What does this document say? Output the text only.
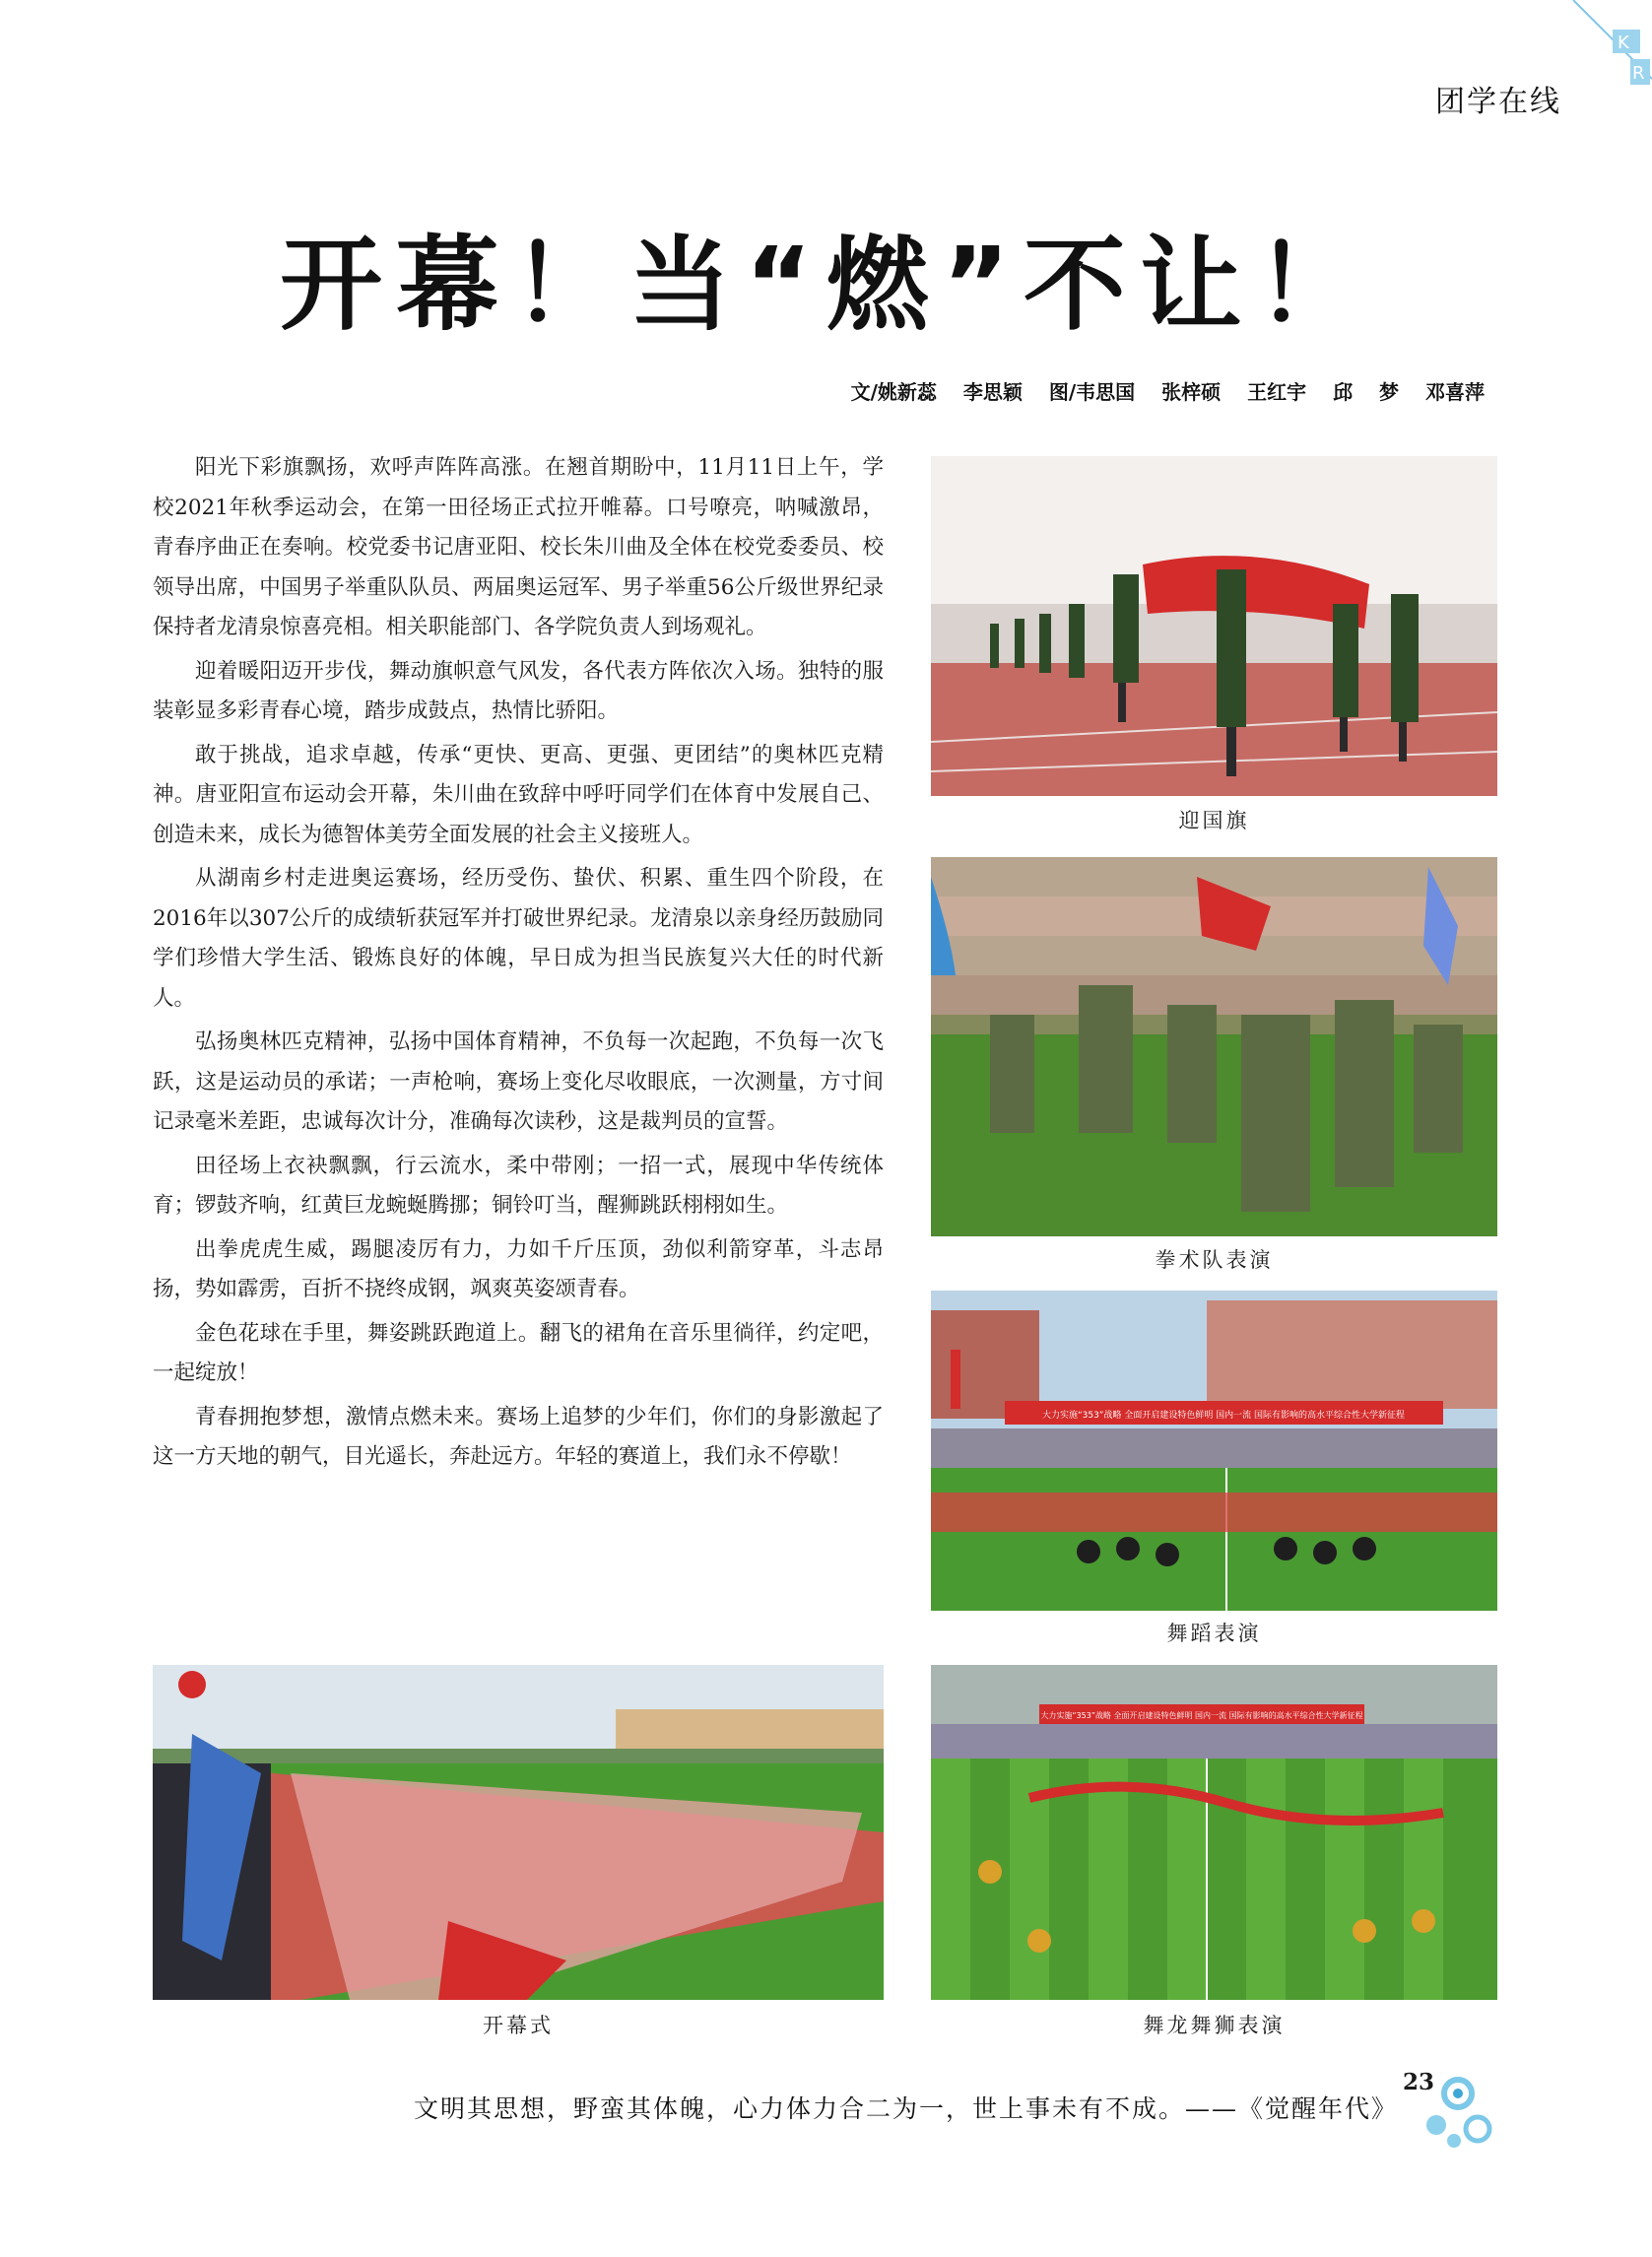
K
R
团学在线
开幕！当“燃”不让！
文/姚新蕊 李思颖 图/韦思国 张梓硕 王红宇 邱 梦 邓喜萍

阳光下彩旗飘扬，欢呼声阵阵高涨。在翘首期盼中，11月11日上午，学校2021年秋季运动会，在第一田径场正式拉开帷幕。口号嘹亮，呐喊激昂，青春序曲正在奏响。校党委书记唐亚阳、校长朱川曲及全体在校党委委员、校领导出席，中国男子举重队队员、两届奥运冠军、男子举重56公斤级世界纪录保持者龙清泉惊喜亮相。相关职能部门、各学院负责人到场观礼。

迎着暖阳迈开步伐，舞动旗帜意气风发，各代表方阵依次入场。独特的服装彰显多彩青春心境，踏步成鼓点，热情比骄阳。

敢于挑战，追求卓越，传承“更快、更高、更强、更团结”的奥林匹克精神。唐亚阳宣布运动会开幕，朱川曲在致辞中呼吁同学们在体育中发展自己、创造未来，成长为德智体美劳全面发展的社会主义接班人。

从湖南乡村走进奥运赛场，经历受伤、蛰伏、积累、重生四个阶段，在2016年以307公斤的成绩斩获冠军并打破世界纪录。龙清泉以亲身经历鼓励同学们珍惜大学生活、锻炼良好的体魄，早日成为担当民族复兴大任的时代新人。

弘扬奥林匹克精神，弘扬中国体育精神，不负每一次起跑，不负每一次飞跃，这是运动员的承诺；一声枪响，赛场上变化尽收眼底，一次测量，方寸间记录毫米差距，忠诚每次计分，准确每次读秒，这是裁判员的宣誓。

田径场上衣袂飘飘，行云流水，柔中带刚；一招一式，展现中华传统体育；锣鼓齐响，红黄巨龙蜿蜒腾挪；铜铃叮当，醒狮跳跃栩栩如生。

出拳虎虎生威，踢腿凌厉有力，力如千斤压顶，劲似利箭穿革，斗志昂扬，势如霹雳，百折不挠终成钢，飒爽英姿颂青春。

金色花球在手里，舞姿跳跃跑道上。翻飞的裙角在音乐里徜徉，约定吧，一起绽放！

青春拥抱梦想，激情点燃未来。赛场上追梦的少年们，你们的身影激起了这一方天地的朝气，目光遥长，奔赴远方。年轻的赛道上，我们永不停歇！

迎国旗
拳术队表演
大力实施“353”战略 全面开启建设特色鲜明 国内一流 国际有影响的高水平综合性大学新征程
舞蹈表演
大力实施“353”战略 全面开启建设特色鲜明 国内一流 国际有影响的高水平综合性大学新征程
舞龙舞狮表演
开幕式
文明其思想，野蛮其体魄，心力体力合二为一，世上事未有不成。——《觉醒年代》
23
